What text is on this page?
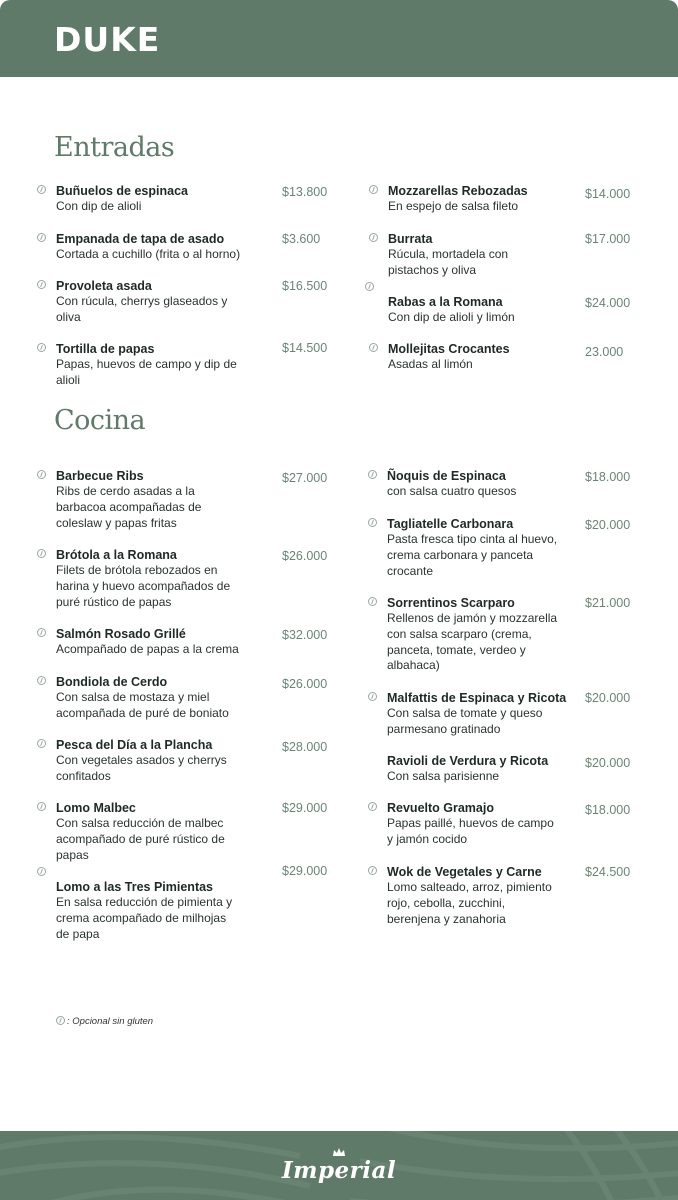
DUKE
Entradas
Buñuelos de espinaca
Con dip de alioli
$13.800
Empanada de tapa de asado
Cortada a cuchillo (frita o al horno)
$3.600
Provoleta asada
Con rúcula, cherrys glaseados y
oliva
$16.500
Tortilla de papas
Papas, huevos de campo y dip de
alioli
$14.500
Mozzarellas Rebozadas
En espejo de salsa fileto
$14.000
Burrata
Rúcula, mortadela con
pistachos y oliva
$17.000
Rabas a la Romana
Con dip de alioli y limón
$24.000
Mollejitas Crocantes
Asadas al limón
23.000
Cocina
Barbecue Ribs
Ribs de cerdo asadas a la
barbacoa acompañadas de
coleslaw y papas fritas
$27.000
Brótola a la Romana
Filets de brótola rebozados en
harina y huevo acompañados de
puré rústico de papas
$26.000
Salmón Rosado Grillé
Acompañado de papas a la crema
$32.000
Bondiola de Cerdo
Con salsa de mostaza y miel
acompañada de puré de boniato
$26.000
Pesca del Día a la Plancha
Con vegetales asados y cherrys
confitados
$28.000
Lomo Malbec
Con salsa reducción de malbec
acompañado de puré rústico de
papas
$29.000
Lomo a las Tres Pimientas
En salsa reducción de pimienta y
crema acompañado de milhojas
de papa
$29.000
Ñoquis de Espinaca
con salsa cuatro quesos
$18.000
Tagliatelle Carbonara
Pasta fresca tipo cinta al huevo,
crema carbonara y panceta
crocante
$20.000
Sorrentinos Scarparo
Rellenos de jamón y mozzarella
con salsa scarparo (crema,
panceta, tomate, verdeo y
albahaca)
$21.000
Malfattis de Espinaca y Ricota
Con salsa de tomate y queso
parmesano gratinado
$20.000
Ravioli de Verdura y Ricota
Con salsa parisienne
$20.000
Revuelto Gramajo
Papas paillé, huevos de campo
y jamón cocido
$18.000
Wok de Vegetales y Carne
Lomo salteado, arroz, pimiento
rojo, cebolla, zucchini,
berenjena y zanahoria
$24.500
: Opcional sin gluten
Imperial
